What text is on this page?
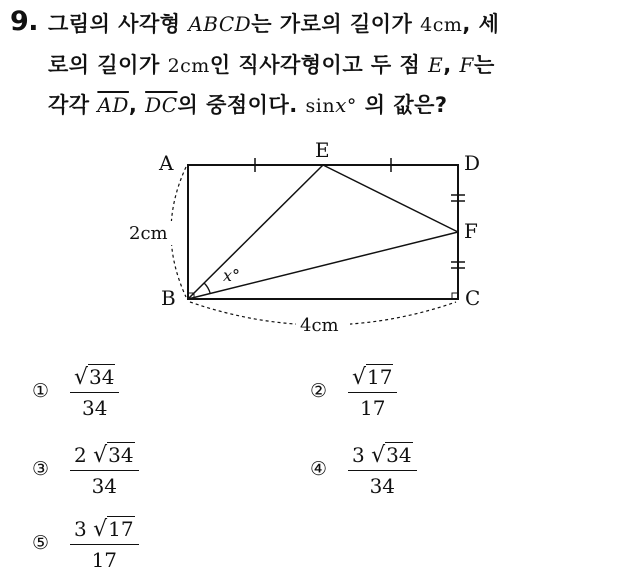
9. 그림의 사각형 ABCD는 가로의 길이가 4cm, 세
로의 길이가 2cm인 직사각형이고 두 점 E, F는
각각 $\overline{AD}$, $\overline{DC}$의 중점이다. sinx° 의 값은?
A
B	C
D
E
F
2cm
4cm
x°
①
√34
34
②
√17
17
③
2 √34
34
④
3 √34
34
⑤
3 √17
17
